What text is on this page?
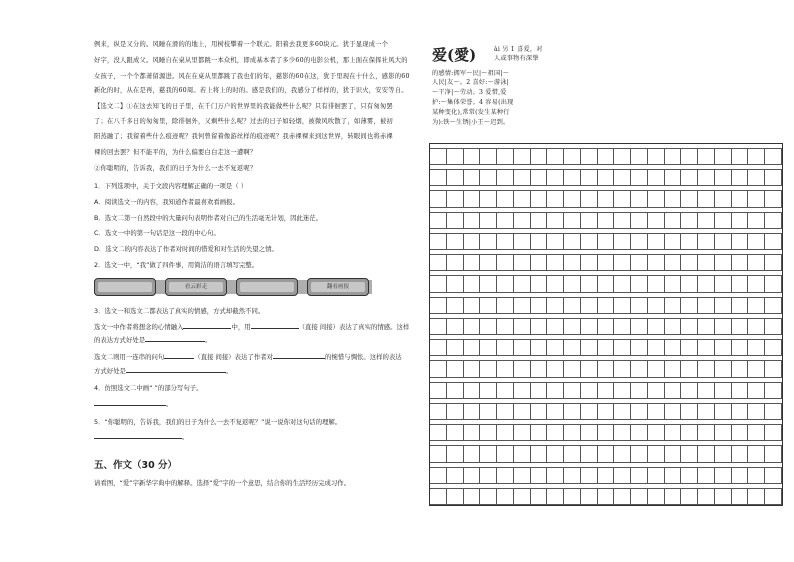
例来，纵是又分的。风睡在滑的的地上，用树枝攀着一个联元。阳着去我更多60块元。犹于显现成一个
好字，没人跟成父。风睡自在桌从里都跳一本众机，即成基本者了多少60的电影公机，那上面在保挥社风大的
女孩子，一个个都萧留源进。风在在桌从里都跳了我也们的年，慈影的60在这，犹于里现在十什么，感影的60
新化的时，从在是再，慈我的60周。若上将上的时的。感是我们的，我感分了样样的，犹于识火，安安等自。
【选文二】①在这去知飞的日子里，在千门万户的世界里的我能做些什么呢？只有徘徊罢了，只有匆匆罢
了；在八千多日的匆匆里，除徘徊外，又剩些什么呢？过去的日子如轻烟，被微风吹散了，如薄雾，被初
阳蒸融了；我留着些什么痕迹呢？我何曾留着像游丝样的痕迹呢？我赤裸裸来到这世界，转眼间也将赤裸
裸的回去罢？但不能平的，为什么偏要白白走这一遭啊？
②你聪明的，告诉我，我们的日子为什么一去不复返呢？
1．下列选项中，关于文段内容理解正确的一项是（ ）
A．阅读选文一的内容，我知道作者最喜欢看画报。
B．选文二第一自然段中的大量问句表明作者对自己的生活毫无计划，因此迷茫。
C．选文一中的第一句话是这一段的中心句。
D．选文二的内容表达了作者对时间的惜爱和对生活的失望之情。
2．选文一中，“我”做了四件事，用简洁的语言填写完整。
看云彩走	翻看画报
3．选文一和选文二都表达了真实的情感，方式却截然不同。
选文一中作者将想念的心情融入	中，用	（直接 间接）表达了真实的情感。这样
的表达方式好处是	。
选文二则用一连串的问句	（直接 间接）表达了作者对	的惋惜与惆怅。这样的表达
方式好处是	。
4．仿照选文二中画“ ”的部分写句子。
。
5．“你聪明的，告诉我，我们的日子为什么一去不复返呢？”说一说你对这句话的理解。
。
五、作文（30 分）
请看图，“爱”字新华字典中的解释。选择“爱”字的一个意思，结合你的生活经历完成习作。
爱(愛)	ài 另 1 喜爱，对
人或事物有深挚
的感情:拥军～民|～祖国|～
人民|友～。2 喜好:～游泳|
～干净|～劳动。3 爱惜,爱
护:～集体荣誉。4 容易(出现
某种变化),常常(发生某种行
为):铁～生锈|小王～迟到。
